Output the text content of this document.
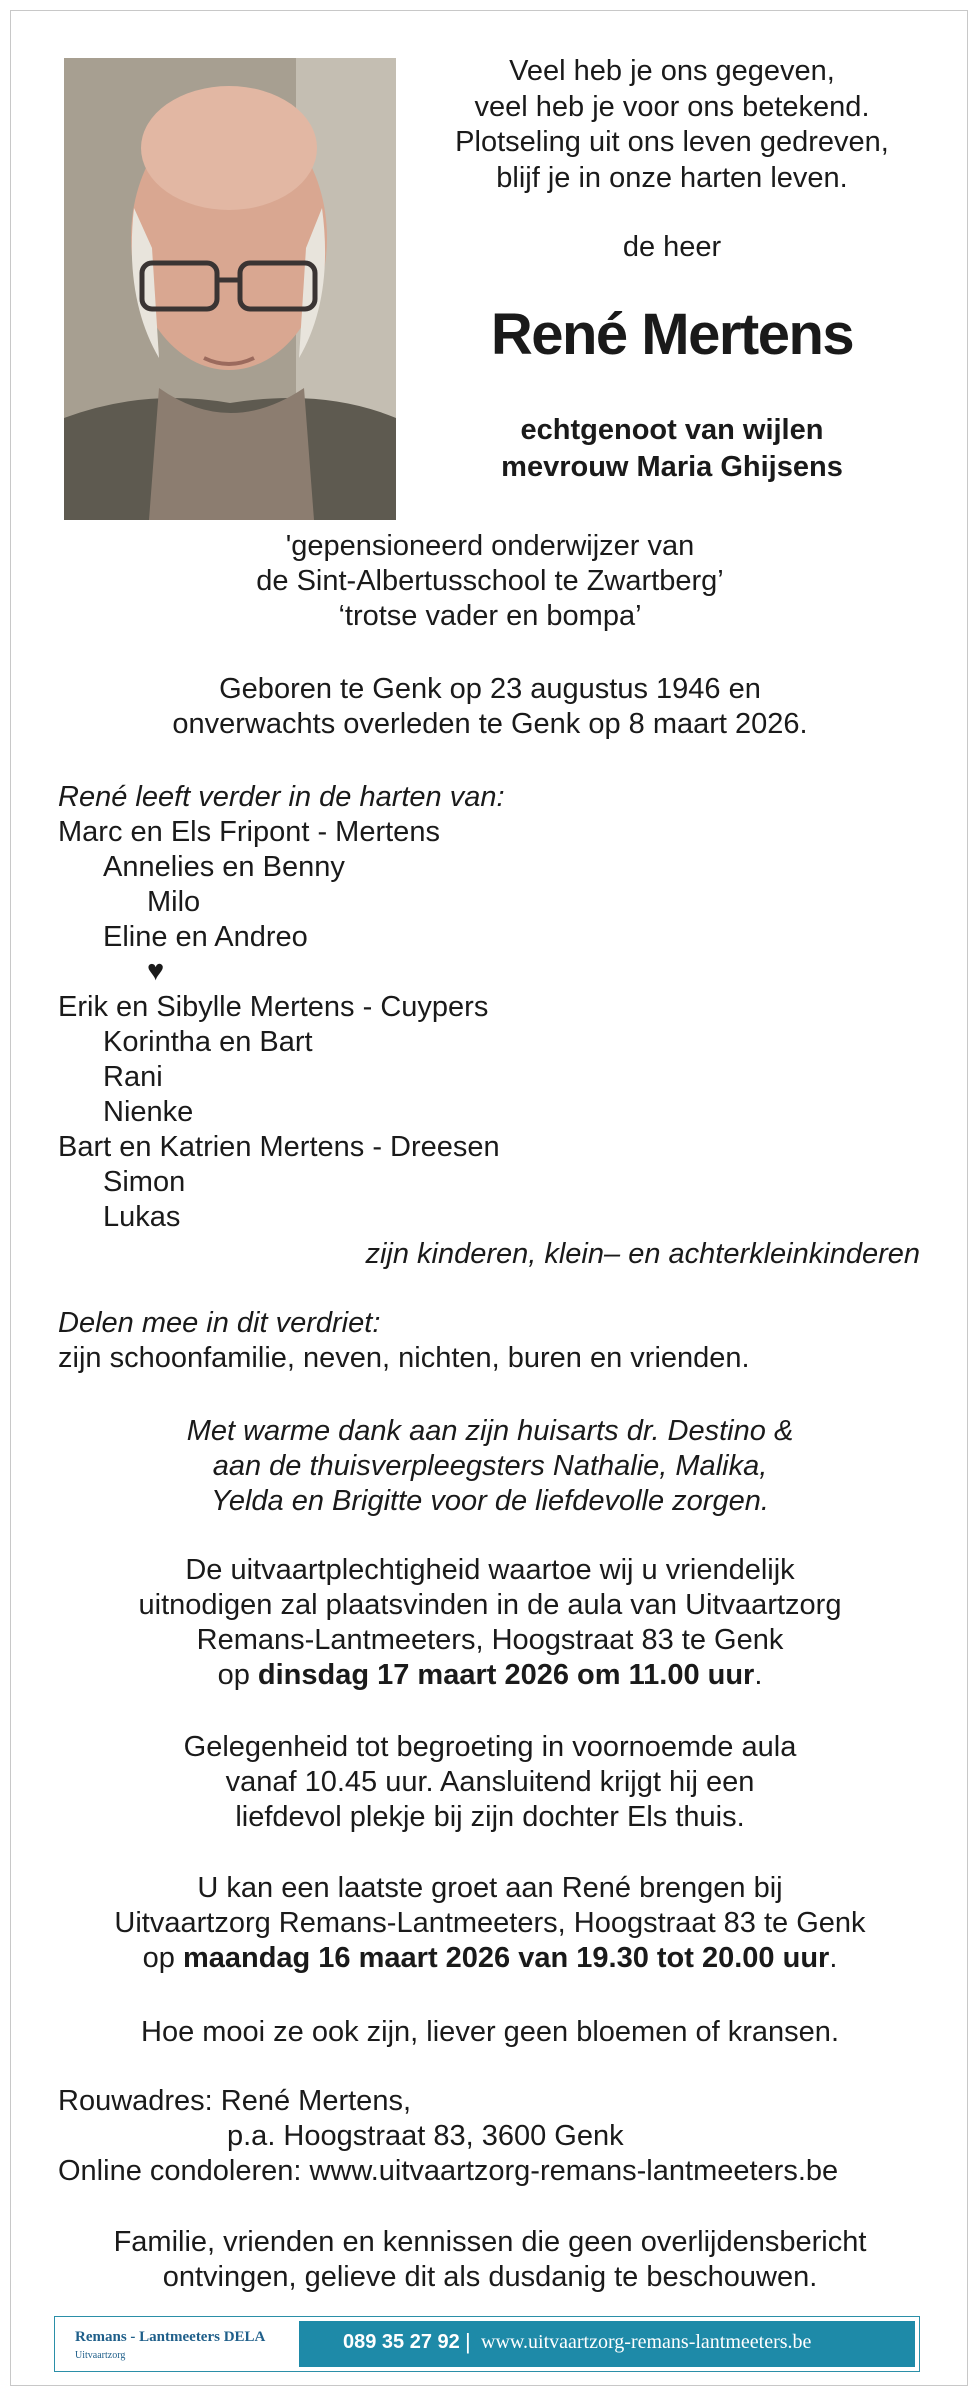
Veel heb je ons gegeven,
veel heb je voor ons betekend.
Plotseling uit ons leven gedreven,
blijf je in onze harten leven.
de heer
René Mertens
echtgenoot van wijlen
mevrouw Maria Ghijsens
'gepensioneerd onderwijzer van
de Sint-Albertusschool te Zwartberg’
‘trotse vader en bompa’
Geboren te Genk op 23 augustus 1946 en
onverwachts overleden te Genk op 8 maart 2026.
René leeft verder in de harten van:
Marc en Els Fripont - Mertens
Annelies en Benny
Milo
Eline en Andreo
♥
Erik en Sibylle Mertens - Cuypers
Korintha en Bart
Rani
Nienke
Bart en Katrien Mertens - Dreesen
Simon
Lukas
zijn kinderen, klein– en achterkleinkinderen
Delen mee in dit verdriet:
zijn schoonfamilie, neven, nichten, buren en vrienden.
Met warme dank aan zijn huisarts dr. Destino &
aan de thuisverpleegsters Nathalie, Malika,
Yelda en Brigitte voor de liefdevolle zorgen.
De uitvaartplechtigheid waartoe wij u vriendelijk
uitnodigen zal plaatsvinden in de aula van Uitvaartzorg
Remans-Lantmeeters, Hoogstraat 83 te Genk
op dinsdag 17 maart 2026 om 11.00 uur.
Gelegenheid tot begroeting in voornoemde aula
vanaf 10.45 uur. Aansluitend krijgt hij een
liefdevol plekje bij zijn dochter Els thuis.
U kan een laatste groet aan René brengen bij
Uitvaartzorg Remans-Lantmeeters, Hoogstraat 83 te Genk
op maandag 16 maart 2026 van 19.30 tot 20.00 uur.
Hoe mooi ze ook zijn, liever geen bloemen of kransen.
Rouwadres: René Mertens,
p.a. Hoogstraat 83, 3600 Genk
Online condoleren: www.uitvaartzorg-remans-lantmeeters.be
Familie, vrienden en kennissen die geen overlijdensbericht
ontvingen, gelieve dit als dusdanig te beschouwen.
Remans - Lantmeeters DELA
Uitvaartzorg
089 35 27 92 | www.uitvaartzorg-remans-lantmeeters.be
